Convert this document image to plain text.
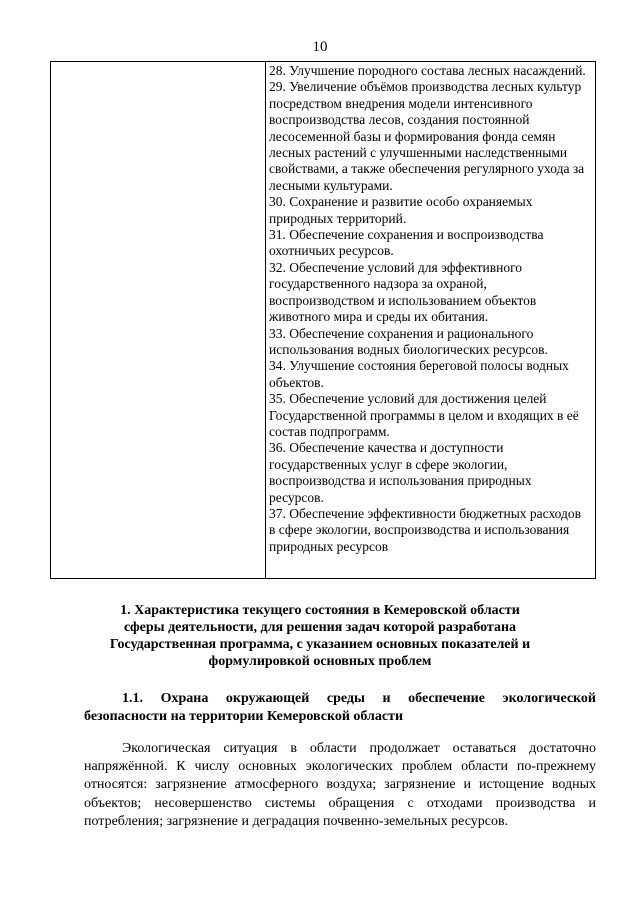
10

28. Улучшение породного состава лесных насаждений.

29. Увеличение объёмов производства лесных культур посредством внедрения модели интенсивного воспроизводства лесов, создания постоянной лесосеменной базы и формирования фонда семян лесных растений с улучшенными наследственными свойствами, а также обеспечения регулярного ухода за лесными культурами.

30. Сохранение и развитие особо охраняемых природных территорий.

31. Обеспечение сохранения и воспроизводства охотничьих ресурсов.

32. Обеспечение условий для эффективного государственного надзора за охраной, воспроизводством и использованием объектов животного мира и среды их обитания.

33. Обеспечение сохранения и рационального использования водных биологических ресурсов.

34. Улучшение состояния береговой полосы водных объектов.

35. Обеспечение условий для достижения целей Государственной программы в целом и входящих в её состав подпрограмм.

36. Обеспечение качества и доступности государственных услуг в сфере экологии, воспроизводства и использования природных ресурсов.

37. Обеспечение эффективности бюджетных расходов в сфере экологии, воспроизводства и использования природных ресурсов

1. Характеристика текущего состояния в Кемеровской области сферы деятельности, для решения задач которой разработана Государственная программа, с указанием основных показателей и формулировкой основных проблем
1.1. Охрана окружающей среды и обеспечение экологической
безопасности на территории Кемеровской области

Экологическая ситуация в области продолжает оставаться достаточно напряжённой. К числу основных экологических проблем области по-прежнему относятся: загрязнение атмосферного воздуха; загрязнение и истощение водных объектов; несовершенство системы обращения с отходами производства и потребления; загрязнение и деградация почвенно-земельных ресурсов.
